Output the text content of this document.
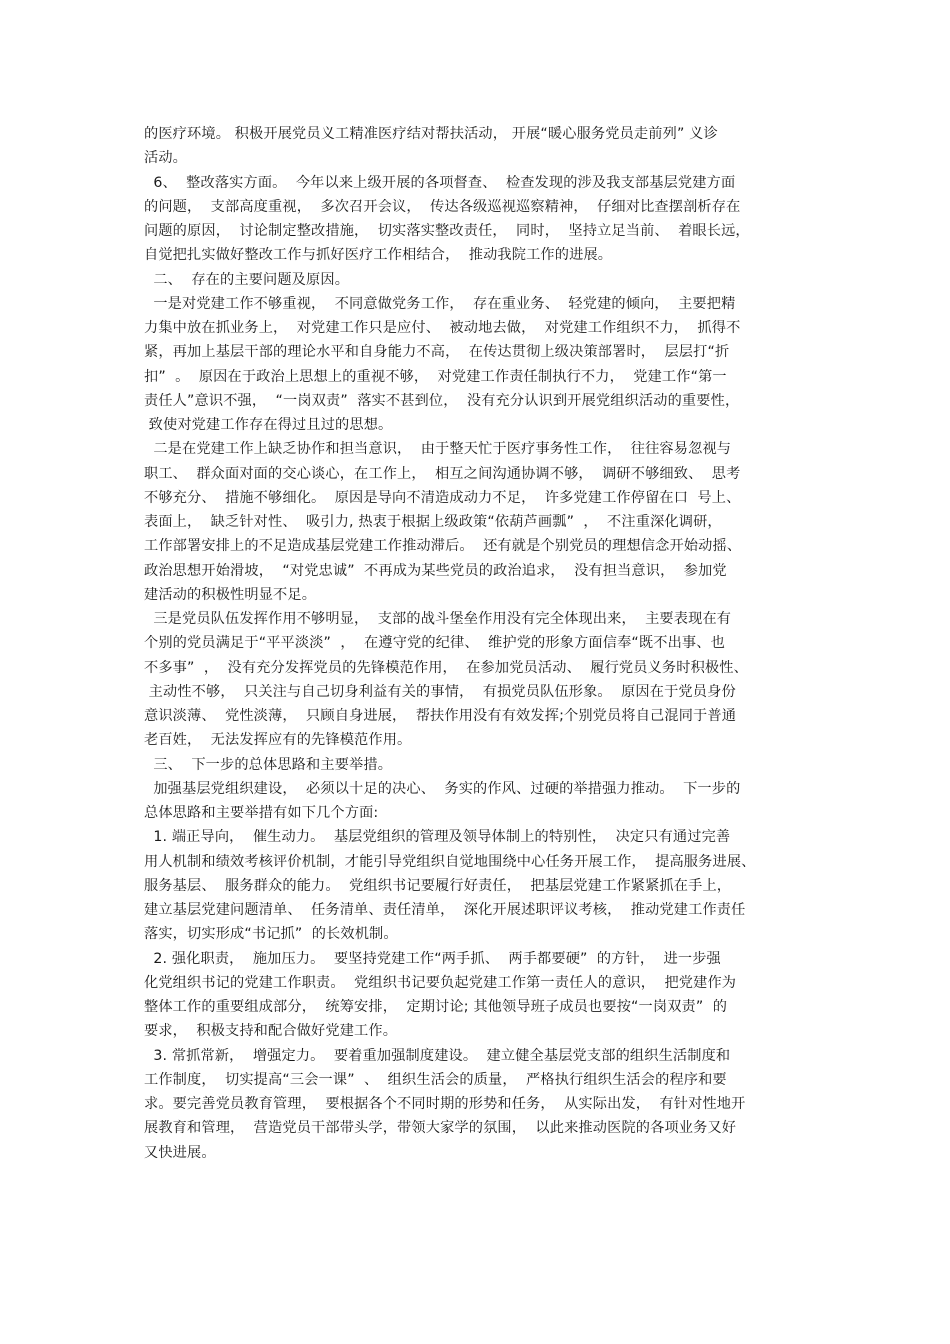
的医疗环境。 积极开展党员义工精准医疗结对帮扶活动， 开展“暖心服务党员走前列” 义诊
活动。
6、  整改落实方面。  今年以来上级开展的各项督查、  检查发现的涉及我支部基层党建方面
的问题，  支部高度重视，  多次召开会议，  传达各级巡视巡察精神，  仔细对比查摆剖析存在
问题的原因，  讨论制定整改措施，  切实落实整改责任，  同时，  坚持立足当前、  着眼长远，
自觉把扎实做好整改工作与抓好医疗工作相结合，  推动我院工作的进展。
二、  存在的主要问题及原因。
一是对党建工作不够重视，  不同意做党务工作，  存在重业务、  轻党建的倾向，  主要把精
力集中放在抓业务上，  对党建工作只是应付、  被动地去做，  对党建工作组织不力，  抓得不
紧，再加上基层干部的理论水平和自身能力不高，  在传达贯彻上级决策部署时，  层层打“折
扣”  。  原因在于政治上思想上的重视不够，  对党建工作责任制执行不力，  党建工作“第一
责任人”意识不强，  “一岗双责”  落实不甚到位，  没有充分认识到开展党组织活动的重要性，
致使对党建工作存在得过且过的思想。
二是在党建工作上缺乏协作和担当意识，  由于整天忙于医疗事务性工作，  往往容易忽视与
职工、  群众面对面的交心谈心，在工作上，  相互之间沟通协调不够，  调研不够细致、  思考
不够充分、  措施不够细化。  原因是导向不清造成动力不足，  许多党建工作停留在口  号上、
表面上，  缺乏针对性、  吸引力, 热衷于根据上级政策“依葫芦画瓢”  ，  不注重深化调研，
工作部署安排上的不足造成基层党建工作推动滞后。  还有就是个别党员的理想信念开始动摇、
政治思想开始滑坡，  “对党忠诚”  不再成为某些党员的政治追求，  没有担当意识，  参加党
建活动的积极性明显不足。
三是党员队伍发挥作用不够明显，  支部的战斗堡垒作用没有完全体现出来，  主要表现在有
个别的党员满足于“平平淡淡”  ，  在遵守党的纪律、  维护党的形象方面信奉“既不出事、也
不多事”  ，  没有充分发挥党员的先锋模范作用，  在参加党员活动、  履行党员义务时积极性、
主动性不够，  只关注与自己切身利益有关的事情，  有损党员队伍形象。  原因在于党员身份
意识淡薄、  党性淡薄，  只顾自身进展，  帮扶作用没有有效发挥;个别党员将自己混同于普通
老百姓，  无法发挥应有的先锋模范作用。
三、  下一步的总体思路和主要举措。
加强基层党组织建设，  必须以十足的决心、  务实的作风、过硬的举措强力推动。  下一步的
总体思路和主要举措有如下几个方面:
1. 端正导向，  催生动力。  基层党组织的管理及领导体制上的特别性，  决定只有通过完善
用人机制和绩效考核评价机制，才能引导党组织自觉地围绕中心任务开展工作，  提高服务进展、
服务基层、  服务群众的能力。  党组织书记要履行好责任，  把基层党建工作紧紧抓在手上，
建立基层党建问题清单、  任务清单、责任清单，  深化开展述职评议考核，  推动党建工作责任
落实，切实形成“书记抓”  的长效机制。
2. 强化职责，  施加压力。  要坚持党建工作“两手抓、  两手都要硬”  的方针，  进一步强
化党组织书记的党建工作职责。  党组织书记要负起党建工作第一责任人的意识，  把党建作为
整体工作的重要组成部分，  统筹安排，  定期讨论; 其他领导班子成员也要按“一岗双责”  的
要求，  积极支持和配合做好党建工作。
3. 常抓常新，  增强定力。  要着重加强制度建设。  建立健全基层党支部的组织生活制度和
工作制度，  切实提高“三会一课”  、  组织生活会的质量，  严格执行组织生活会的程序和要
求。要完善党员教育管理，  要根据各个不同时期的形势和任务，  从实际出发，  有针对性地开
展教育和管理，  营造党员干部带头学，带领大家学的氛围，  以此来推动医院的各项业务又好
又快进展。
